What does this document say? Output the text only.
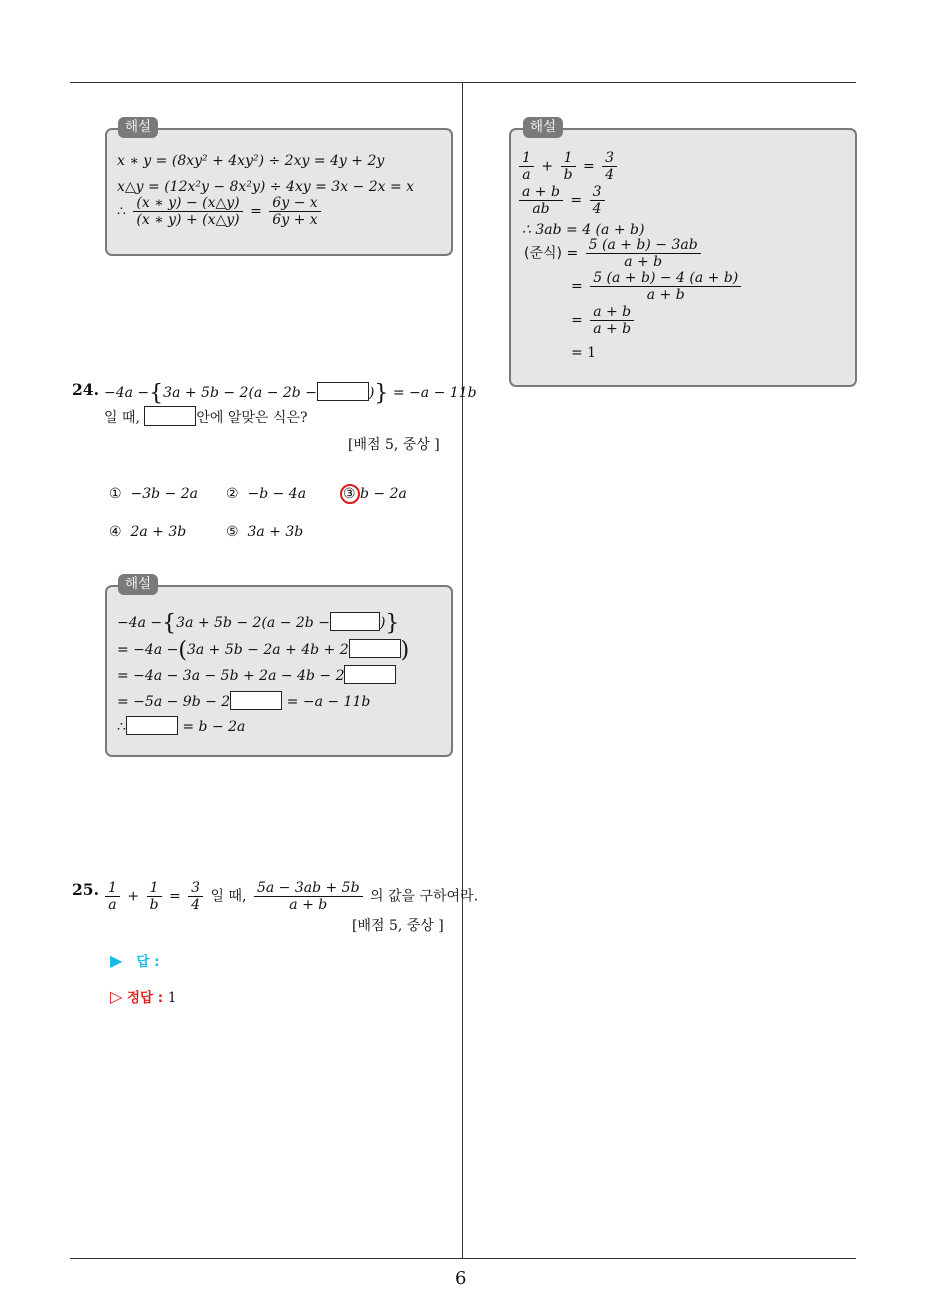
6
해설
x ∗ y = (8xy² + 4xy²) ÷ 2xy = 4y + 2y
x△y = (12x²y − 8x²y) ÷ 4xy = 3x − 2x = x
∴ $\frac{(x ∗ y) - (x\triangle y)}{(x ∗ y) + (x\triangle y)} = \frac{6y - x}{6y + x}$
24. −4a −{3a + 5b − 2(a − 2b −	)} = −a − 11b
일 때,	안에 알맞은 식은?
[배점 5, 중상 ]
① −3b − 2a ② −b − 4a	③ b − 2a
④ 2a + 3b	⑤ 3a + 3b
해설
−4a −{3a + 5b − 2(a − 2b −	)}
= −4a −(3a + 5b − 2a + 4b + 2 )
= −4a − 3a − 5b + 2a − 4b − 2
= −5a − 9b − 2	= −a − 11b
∴	= b − 2a
25. $\frac{1}{a} + \frac{1}{b} = \frac{3}{4}$ 일 때, $\frac{5a - 3ab + 5b}{a + b}$ 의 값을 구하여라.
[배점 5, 중상 ]
▶ 답 :
▷ 정답 : 1
해설
$\frac{1}{a} + \frac{1}{b} = \frac{3}{4}$
$\frac{a + b}{ab} = \frac{3}{4}$
∴ 3ab = 4 (a + b)
(준식) = $\frac{5 (a + b) - 3ab}{a + b}$
= $\frac{5 (a + b) - 4 (a + b)}{a + b}$
= $\frac{a + b}{a + b}$
= 1
